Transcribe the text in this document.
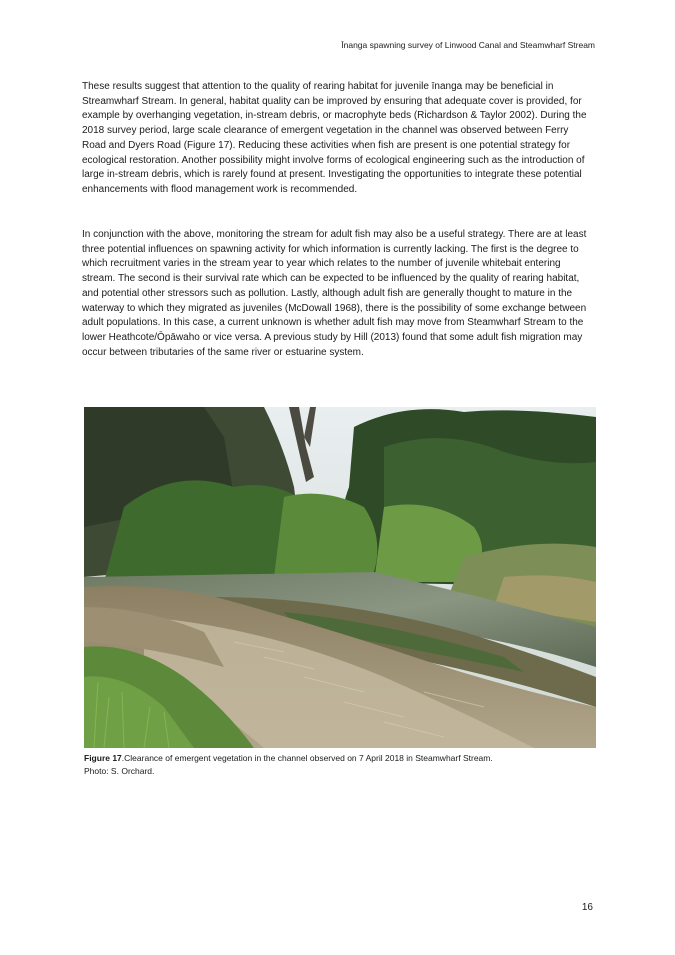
Īnanga spawning survey of Linwood Canal and Steamwharf Stream

These results suggest that attention to the quality of rearing habitat for juvenile īnanga may be beneficial in Streamwharf Stream. In general, habitat quality can be improved by ensuring that adequate cover is provided, for example by overhanging vegetation, in-stream debris, or macrophyte beds (Richardson & Taylor 2002). During the 2018 survey period, large scale clearance of emergent vegetation in the channel was observed between Ferry Road and Dyers Road (Figure 17). Reducing these activities when fish are present is one potential strategy for ecological restoration. Another possibility might involve forms of ecological engineering such as the introduction of large in-stream debris, which is rarely found at present. Investigating the opportunities to integrate these potential enhancements with flood management work is recommended.

In conjunction with the above, monitoring the stream for adult fish may also be a useful strategy. There are at least three potential influences on spawning activity for which information is currently lacking. The first is the degree to which recruitment varies in the stream year to year which relates to the number of juvenile whitebait entering stream. The second is their survival rate which can be expected to be influenced by the quality of rearing habitat, and potential other stressors such as pollution. Lastly, although adult fish are generally thought to mature in the waterway to which they migrated as juveniles (McDowall 1968), there is the possibility of some exchange between adult populations. In this case, a current unknown is whether adult fish may move from Steamwharf Stream to the lower Heathcote/Ōpāwaho or vice versa. A previous study by Hill (2013) found that some adult fish migration may occur between tributaries of the same river or estuarine system.

Figure 17.Clearance of emergent vegetation in the channel observed on 7 April 2018 in Steamwharf Stream.
Photo: S. Orchard.
16
